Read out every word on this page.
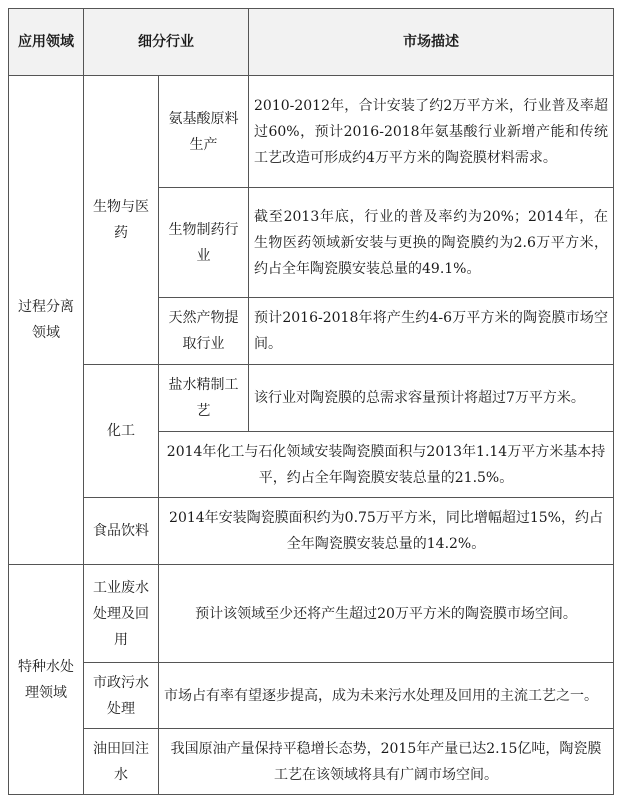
应用领域	细分行业		市场描述
过程分离领域	生物与医药	氨基酸原料生产	2010-2012年，合计安装了约2万平方米，行业普及率超过60%，预计2016-2018年氨基酸行业新增产能和传统工艺改造可形成约4万平方米的陶瓷膜材料需求。
		生物制药行业	截至2013年底，行业的普及率约为20%；2014年，在生物医药领域新安装与更换的陶瓷膜约为2.6万平方米，约占全年陶瓷膜安装总量的49.1%。
		天然产物提取行业	预计2016-2018年将产生约4-6万平方米的陶瓷膜市场空间。
	化工	盐水精制工艺	该行业对陶瓷膜的总需求容量预计将超过7万平方米。
		2014年化工与石化领域安装陶瓷膜面积与2013年1.14万平方米基本持平，约占全年陶瓷膜安装总量的21.5%。	
	食品饮料	2014年安装陶瓷膜面积约为0.75万平方米，同比增幅超过15%，约占全年陶瓷膜安装总量的14.2%。	

特种水处理领域	工业废水处理及回用	预计该领域至少还将产生超过20万平方米的陶瓷膜市场空间。	
	市政污水处理	市场占有率有望逐步提高，成为未来污水处理及回用的主流工艺之一。	
	油田回注水	我国原油产量保持平稳增长态势，2015年产量已达2.15亿吨，陶瓷膜工艺在该领域将具有广阔市场空间。	
